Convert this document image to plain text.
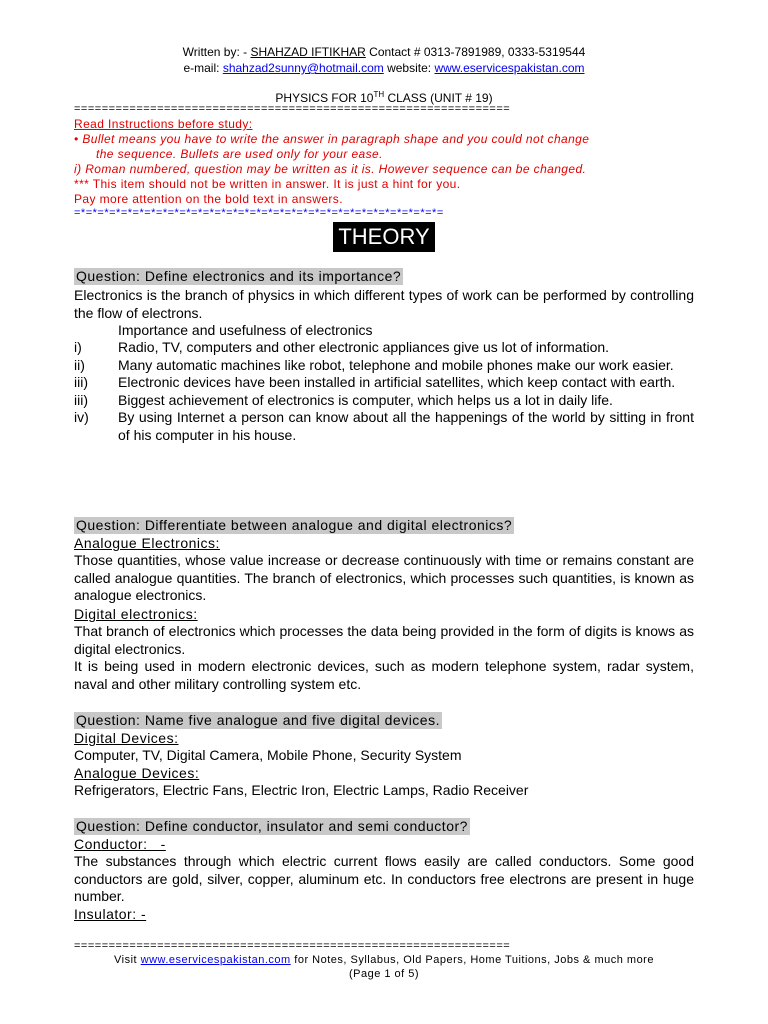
Written by: - SHAHZAD IFTIKHAR Contact # 0313-7891989, 0333-5319544
e-mail: shahzad2sunny@hotmail.com website: www.eservicespakistan.com
PHYSICS FOR 10TH CLASS (UNIT # 19)
===============================================================
Read Instructions before study:
• Bullet means you have to write the answer in paragraph shape and you could not change
the sequence. Bullets are used only for your ease.
i) Roman numbered, question may be written as it is. However sequence can be changed.
*** This item should not be written in answer. It is just a hint for you.
Pay more attention on the bold text in answers.
=*=*=*=*=*=*=*=*=*=*=*=*=*=*=*=*=*=*=*=*=*=*=*=*=*=*=*=*=*=*=*=
THEORY
Question: Define electronics and its importance?
Electronics is the branch of physics in which different types of work can be performed by controlling the flow of electrons.
Importance and usefulness of electronics
i)	Radio, TV, computers and other electronic appliances give us lot of information.
ii)	Many automatic machines like robot, telephone and mobile phones make our work easier.
iii)	Electronic devices have been installed in artificial satellites, which keep contact with earth.
iii)	Biggest achievement of electronics is computer, which helps us a lot in daily life.
iv)	By using Internet a person can know about all the happenings of the world by sitting in front of his computer in his house.
Question: Differentiate between analogue and digital electronics?
Analogue Electronics:
Those quantities, whose value increase or decrease continuously with time or remains constant are called analogue quantities. The branch of electronics, which processes such quantities, is known as analogue electronics.
Digital electronics:
That branch of electronics which processes the data being provided in the form of digits is knows as digital electronics.
It is being used in modern electronic devices, such as modern telephone system, radar system, naval and other military controlling system etc.
Question: Name five analogue and five digital devices.
Digital Devices:
Computer, TV, Digital Camera, Mobile Phone, Security System
Analogue Devices:
Refrigerators, Electric Fans, Electric Iron, Electric Lamps, Radio Receiver
Question: Define conductor, insulator and semi conductor?
Conductor:   -
The substances through which electric current flows easily are called conductors. Some good conductors are gold, silver, copper, aluminum etc. In conductors free electrons are present in huge number.
Insulator: -
===============================================================
Visit www.eservicespakistan.com for Notes, Syllabus, Old Papers, Home Tuitions, Jobs & much more
(Page 1 of 5)
